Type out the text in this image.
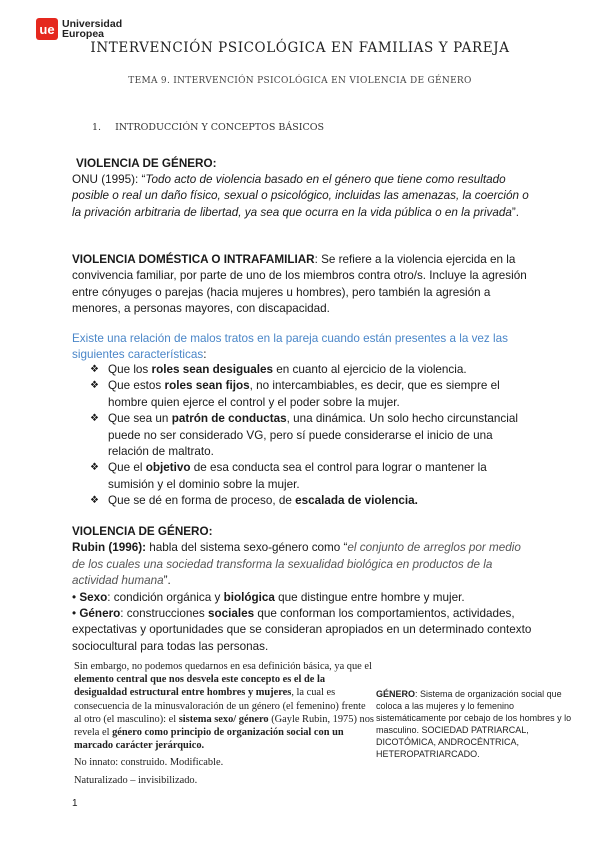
ue Universidad
Europea
INTERVENCIÓN PSICOLÓGICA EN FAMILIAS Y PAREJA
TEMA 9. INTERVENCIÓN PSICOLÓGICA EN VIOLENCIA DE GÉNERO
1. INTRODUCCIÓN Y CONCEPTOS BÁSICOS
VIOLENCIA DE GÉNERO:
ONU (1995): “Todo acto de violencia basado en el género que tiene como resultado posible o real un daño físico, sexual o psicológico, incluidas las amenazas, la coerción o la privación arbitraria de libertad, ya sea que ocurra en la vida pública o en la privada”.
VIOLENCIA DOMÉSTICA O INTRAFAMILIAR: Se refiere a la violencia ejercida en la convivencia familiar, por parte de uno de los miembros contra otro/s. Incluye la agresión entre cónyuges o parejas (hacia mujeres u hombres), pero también la agresión a menores, a personas mayores, con discapacidad.
Existe una relación de malos tratos en la pareja cuando están presentes a la vez las siguientes características:
❖ Que los roles sean desiguales en cuanto al ejercicio de la violencia.
❖ Que estos roles sean fijos, no intercambiables, es decir, que es siempre el hombre quien ejerce el control y el poder sobre la mujer.
❖ Que sea un patrón de conductas, una dinámica. Un solo hecho circunstancial puede no ser considerado VG, pero sí puede considerarse el inicio de una relación de maltrato.
❖ Que el objetivo de esa conducta sea el control para lograr o mantener la sumisión y el dominio sobre la mujer.
❖ Que se dé en forma de proceso, de escalada de violencia.
VIOLENCIA DE GÉNERO:
Rubin (1996): habla del sistema sexo-género como “el conjunto de arreglos por medio de los cuales una sociedad transforma la sexualidad biológica en productos de la actividad humana”.
• Sexo: condición orgánica y biológica que distingue entre hombre y mujer.
• Género: construcciones sociales que conforman los comportamientos, actividades, expectativas y oportunidades que se consideran apropiados en un determinado contexto sociocultural para todas las personas.
Sin embargo, no podemos quedarnos en esa definición básica, ya que el elemento central que nos desvela este concepto es el de la desigualdad estructural entre hombres y mujeres, la cual es consecuencia de la minusvaloración de un género (el femenino) frente al otro (el masculino): el sistema sexo/ género (Gayle Rubin, 1975) nos revela el género como principio de organización social con un marcado carácter jerárquico.
No innato: construido. Modificable.
Naturalizado – invisibilizado.
GÉNERO: Sistema de organización social que coloca a las mujeres y lo femenino sistemáticamente por cebajo de los hombres y lo masculino. SOCIEDAD PATRIARCAL, DICOTÓMICA, ANDROCÉNTRICA, HETEROPATRIARCADO.
1
